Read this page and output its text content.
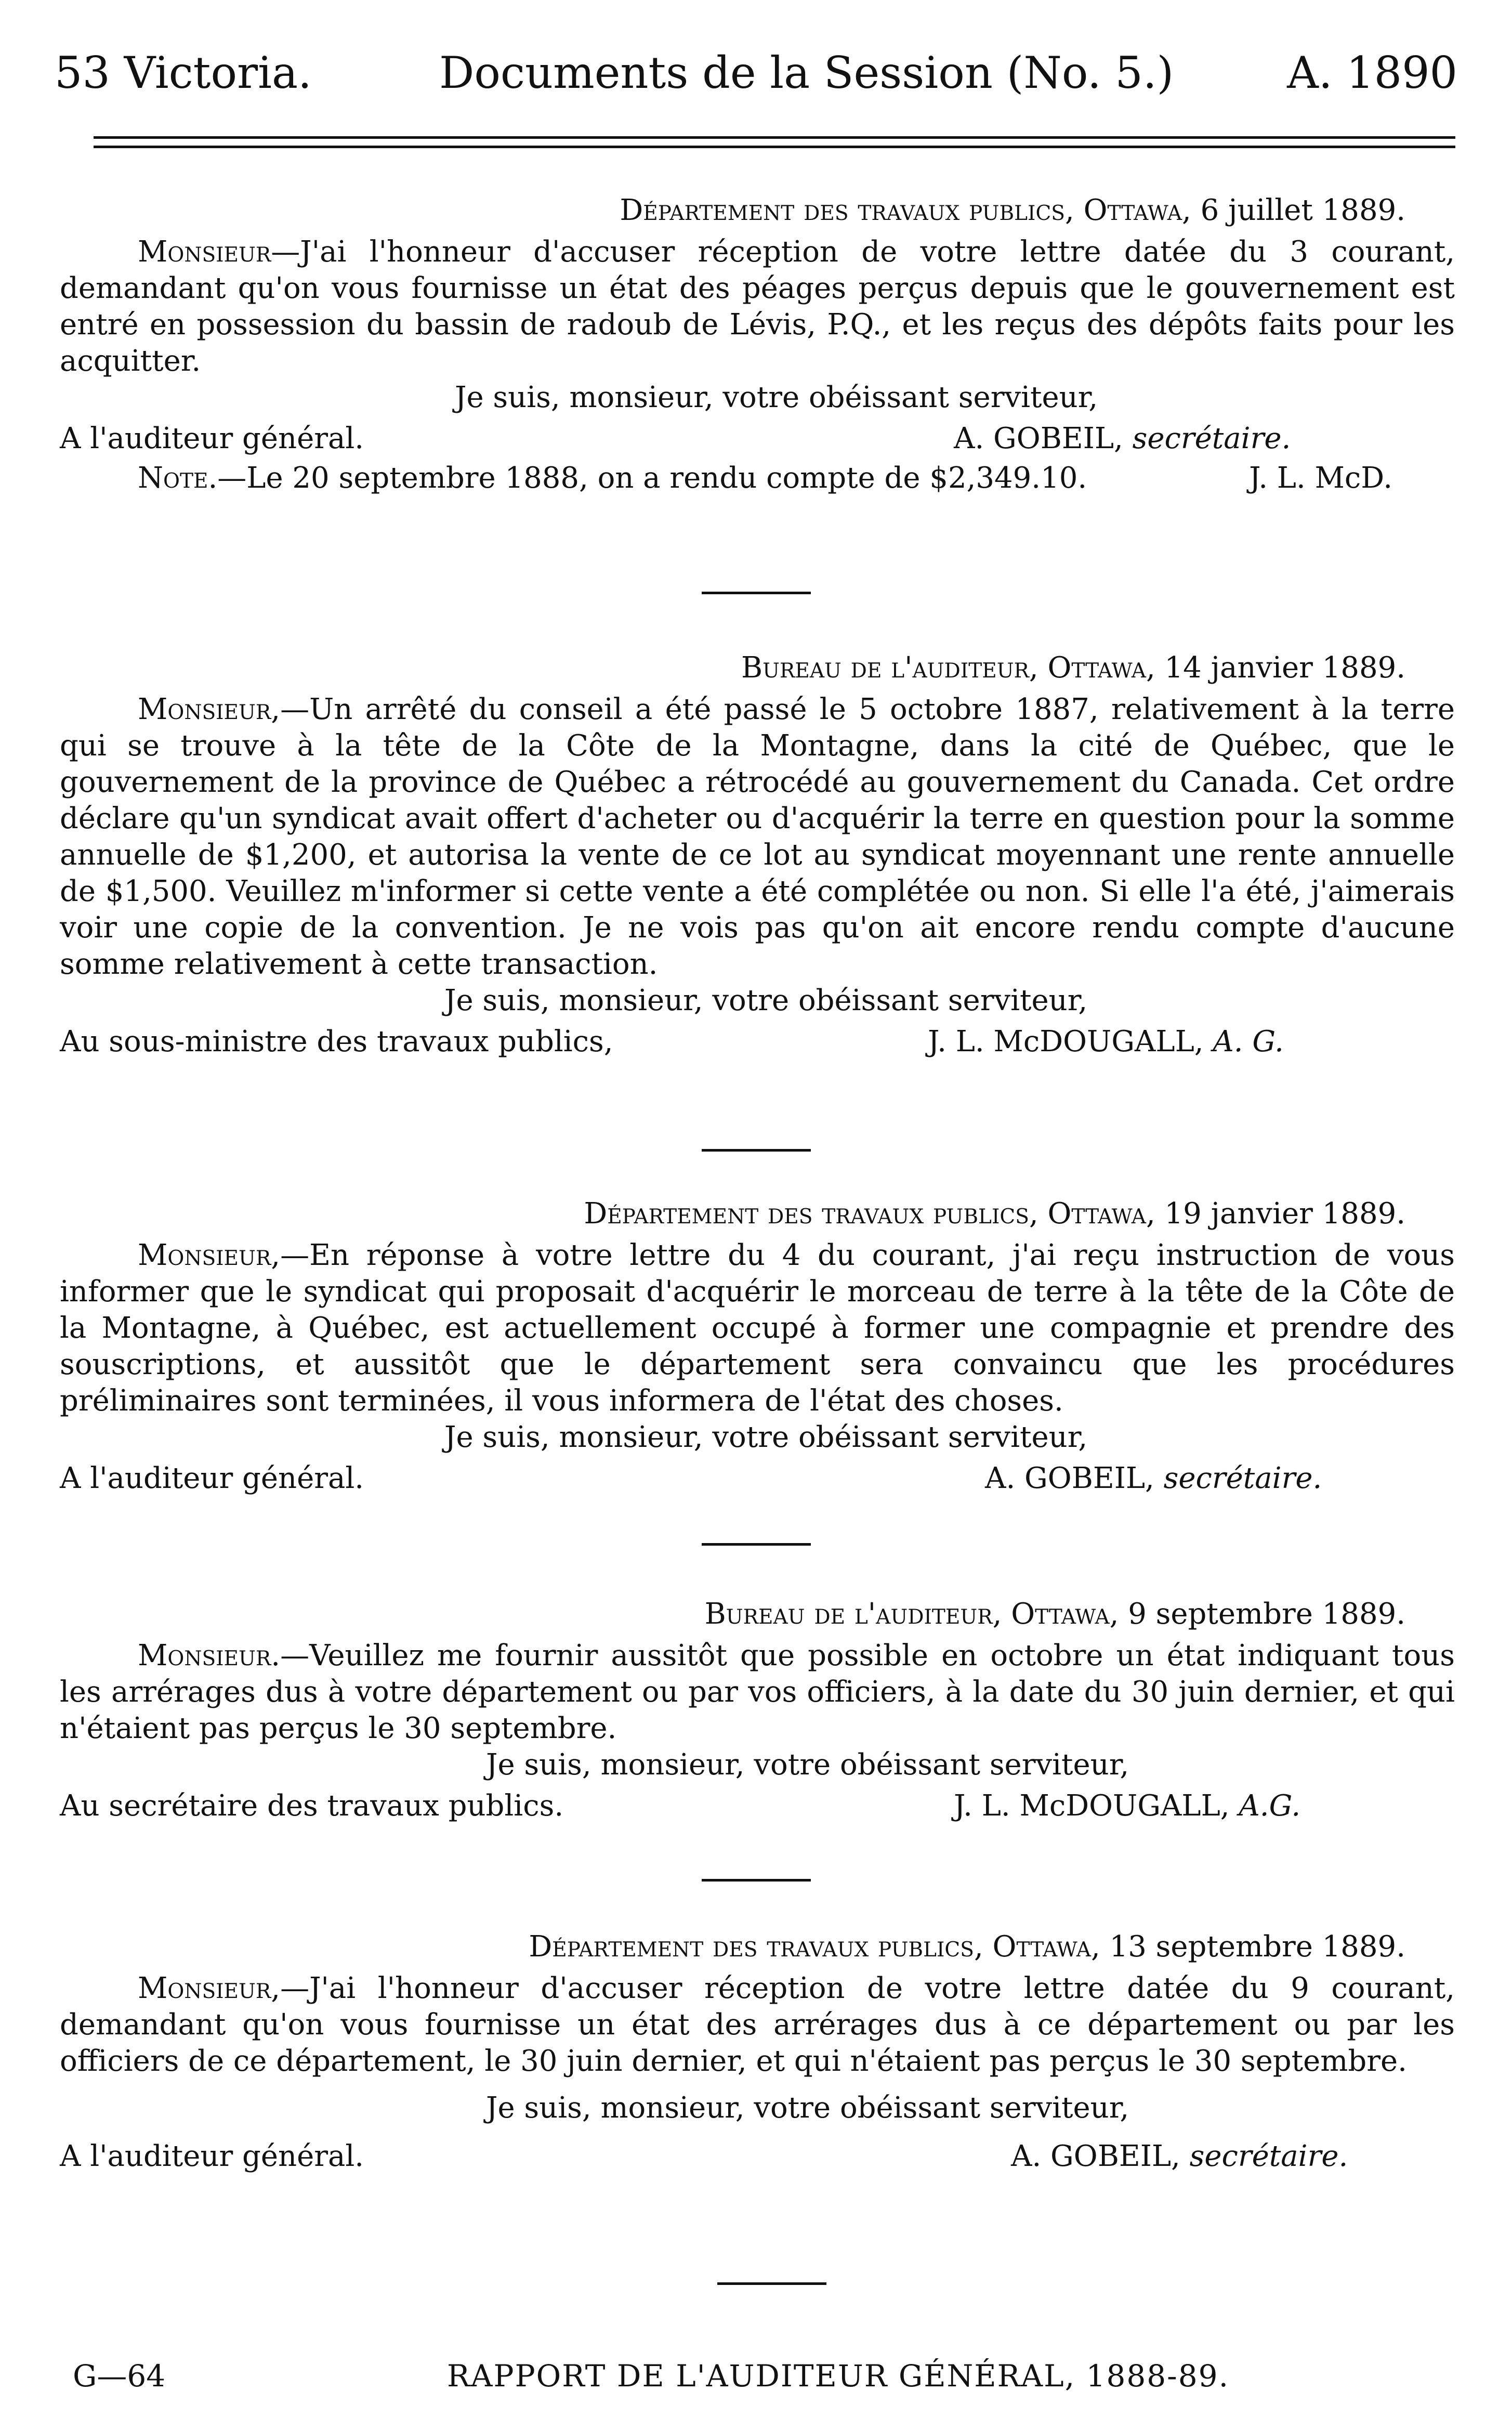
53 Victoria.	Documents de la Session (No. 5.)	A. 1890
Département des travaux publics, Ottawa, 6 juillet 1889.

Monsieur—J'ai l'honneur d'accuser réception de votre lettre datée du 3 courant, demandant qu'on vous fournisse un état des péages perçus depuis que le gouvernement est entré en possession du bassin de radoub de Lévis, P.Q., et les reçus des dépôts faits pour les acquitter.

Je suis, monsieur, votre obéissant serviteur,
A l'auditeur général.	A. GOBEIL, secrétaire.
Note.—Le 20 septembre 1888, on a rendu compte de $2,349.10.	J. L. McD.
Bureau de l'auditeur, Ottawa, 14 janvier 1889.

Monsieur,—Un arrêté du conseil a été passé le 5 octobre 1887, relativement à la terre qui se trouve à la tête de la Côte de la Montagne, dans la cité de Québec, que le gouvernement de la province de Québec a rétrocédé au gouvernement du Canada. Cet ordre déclare qu'un syndicat avait offert d'acheter ou d'acquérir la terre en question pour la somme annuelle de $1,200, et autorisa la vente de ce lot au syndicat moyennant une rente annuelle de $1,500. Veuillez m'informer si cette vente a été complétée ou non. Si elle l'a été, j'aimerais voir une copie de la convention. Je ne vois pas qu'on ait encore rendu compte d'aucune somme relativement à cette transaction.

Je suis, monsieur, votre obéissant serviteur,
Au sous-ministre des travaux publics,	J. L. McDOUGALL, A. G.
Département des travaux publics, Ottawa, 19 janvier 1889.

Monsieur,—En réponse à votre lettre du 4 du courant, j'ai reçu instruction de vous informer que le syndicat qui proposait d'acquérir le morceau de terre à la tête de la Côte de la Montagne, à Québec, est actuellement occupé à former une compagnie et prendre des souscriptions, et aussitôt que le département sera convaincu que les procédures préliminaires sont terminées, il vous informera de l'état des choses.

Je suis, monsieur, votre obéissant serviteur,
A l'auditeur général.	A. GOBEIL, secrétaire.
Bureau de l'auditeur, Ottawa, 9 septembre 1889.

Monsieur.—Veuillez me fournir aussitôt que possible en octobre un état indiquant tous les arrérages dus à votre département ou par vos officiers, à la date du 30 juin dernier, et qui n'étaient pas perçus le 30 septembre.

Je suis, monsieur, votre obéissant serviteur,
Au secrétaire des travaux publics.	J. L. McDOUGALL, A.G.
Département des travaux publics, Ottawa, 13 septembre 1889.

Monsieur,—J'ai l'honneur d'accuser réception de votre lettre datée du 9 courant, demandant qu'on vous fournisse un état des arrérages dus à ce département ou par les officiers de ce département, le 30 juin dernier, et qui n'étaient pas perçus le 30 septembre.

Je suis, monsieur, votre obéissant serviteur,
A l'auditeur général.	A. GOBEIL, secrétaire.
G—64	RAPPORT DE L'AUDITEUR GÉNÉRAL, 1888-89.
